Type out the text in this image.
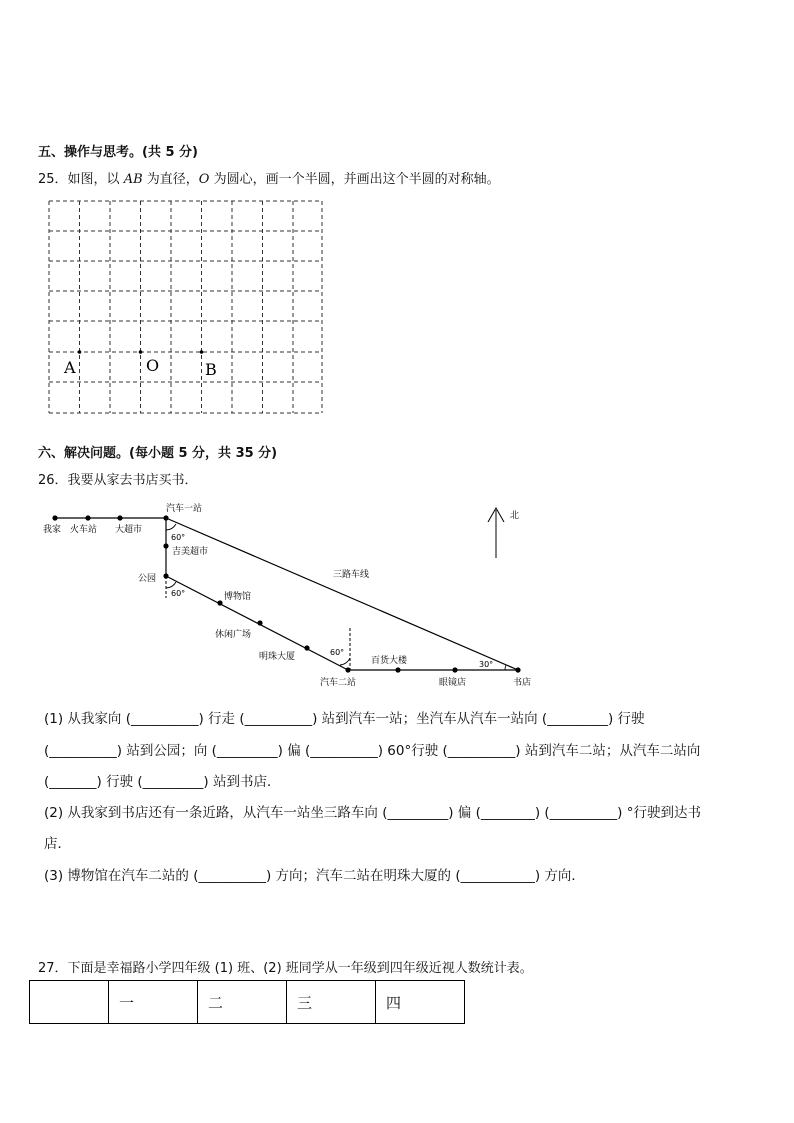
五、操作与思考。(共 5 分)
25．如图，以 AB 为直径，O 为圆心，画一个半圆，并画出这个半圆的对称轴。
A	O	B
六、解决问题。(每小题 5 分，共 35 分)
26．我要从家去书店买书．
我家 火车站 大超市
汽车一站
吉美超市
公园
博物馆
休闲广场
明珠大厦
汽车二站
百货大楼
眼镜店	书店
三路车线
60°
60°
60°
30°
北
(1) 从我家向 (__________) 行走 (__________) 站到汽车一站；坐汽车从汽车一站向 (_________) 行驶
(__________) 站到公园；向 (_________) 偏 (__________) 60°行驶 (__________) 站到汽车二站；从汽车二站向
(_______) 行驶 (_________) 站到书店．
(2) 从我家到书店还有一条近路，从汽车一站坐三路车向 (_________) 偏 (________) (__________) °行驶到达书
店．
(3) 博物馆在汽车二站的 (__________) 方向；汽车二站在明珠大厦的 (___________) 方向．
27．下面是幸福路小学四年级 (1) 班、(2) 班同学从一年级到四年级近视人数统计表。
	一	二	三	四
